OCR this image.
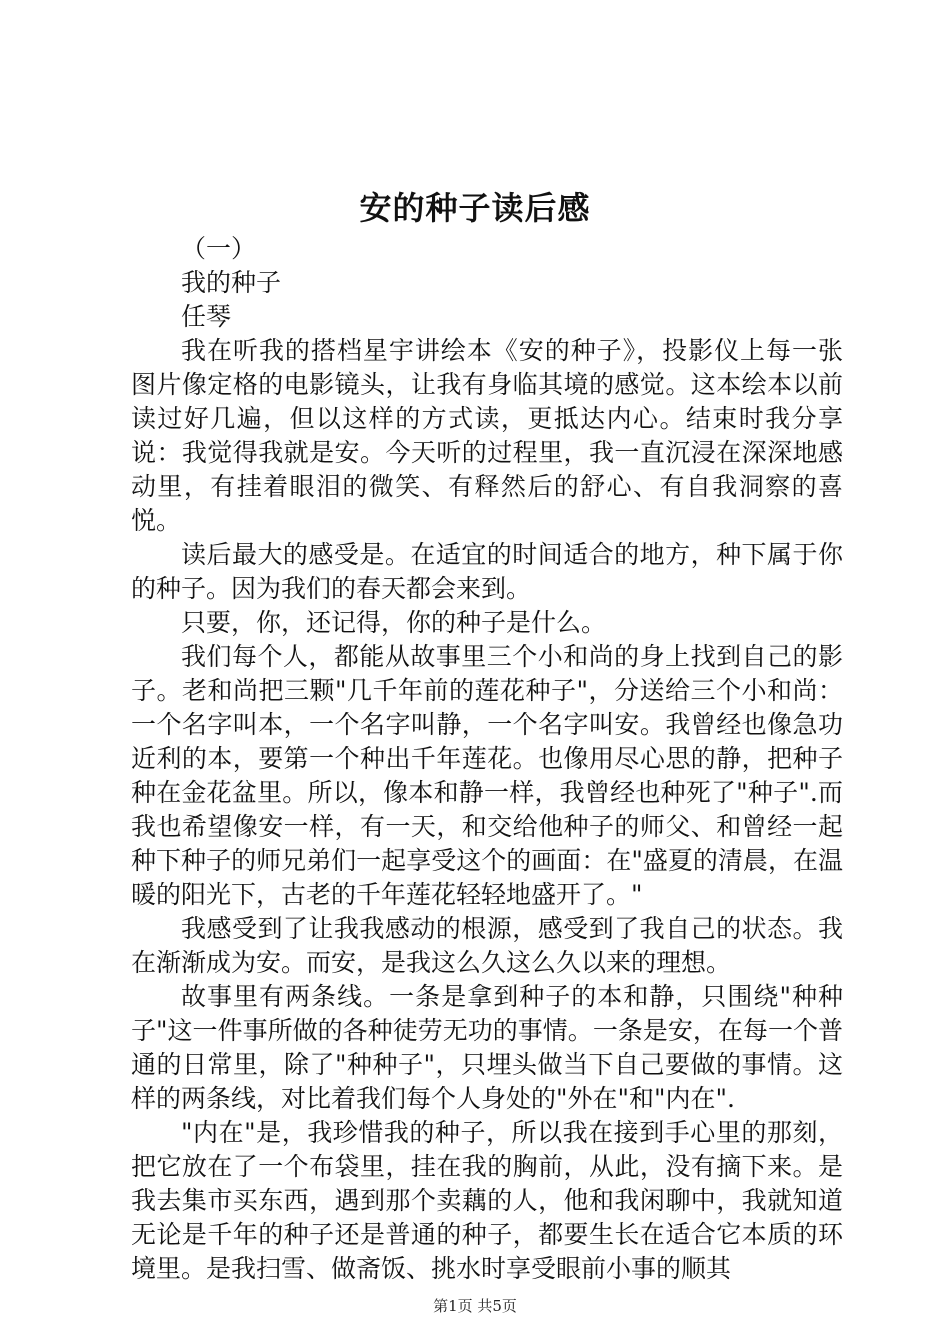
安的种子读后感

（一）

我的种子

任琴

我在听我的搭档星宇讲绘本《安的种子》，投影仪上每一张图片像定格的电影镜头，让我有身临其境的感觉。这本绘本以前读过好几遍，但以这样的方式读，更抵达内心。结束时我分享说：我觉得我就是安。今天听的过程里，我一直沉浸在深深地感动里，有挂着眼泪的微笑、有释然后的舒心、有自我洞察的喜悦。

读后最大的感受是。在适宜的时间适合的地方，种下属于你的种子。因为我们的春天都会来到。

只要，你，还记得，你的种子是什么。

我们每个人，都能从故事里三个小和尚的身上找到自己的影子。老和尚把三颗"几千年前的莲花种子"，分送给三个小和尚：一个名字叫本，一个名字叫静，一个名字叫安。我曾经也像急功近利的本，要第一个种出千年莲花。也像用尽心思的静，把种子种在金花盆里。所以，像本和静一样，我曾经也种死了"种子".而我也希望像安一样，有一天，和交给他种子的师父、和曾经一起种下种子的师兄弟们一起享受这个的画面：在"盛夏的清晨，在温暖的阳光下，古老的千年莲花轻轻地盛开了。"

我感受到了让我我感动的根源，感受到了我自己的状态。我在渐渐成为安。而安，是我这么久这么久以来的理想。

故事里有两条线。一条是拿到种子的本和静，只围绕"种种子"这一件事所做的各种徒劳无功的事情。一条是安，在每一个普通的日常里，除了"种种子"，只埋头做当下自己要做的事情。这样的两条线，对比着我们每个人身处的"外在"和"内在".

"内在"是，我珍惜我的种子，所以我在接到手心里的那刻，把它放在了一个布袋里，挂在我的胸前，从此，没有摘下来。是我去集市买东西，遇到那个卖藕的人，他和我闲聊中，我就知道无论是千年的种子还是普通的种子，都要生长在适合它本质的环境里。是我扫雪、做斋饭、挑水时享受眼前小事的顺其

第1页 共5页
